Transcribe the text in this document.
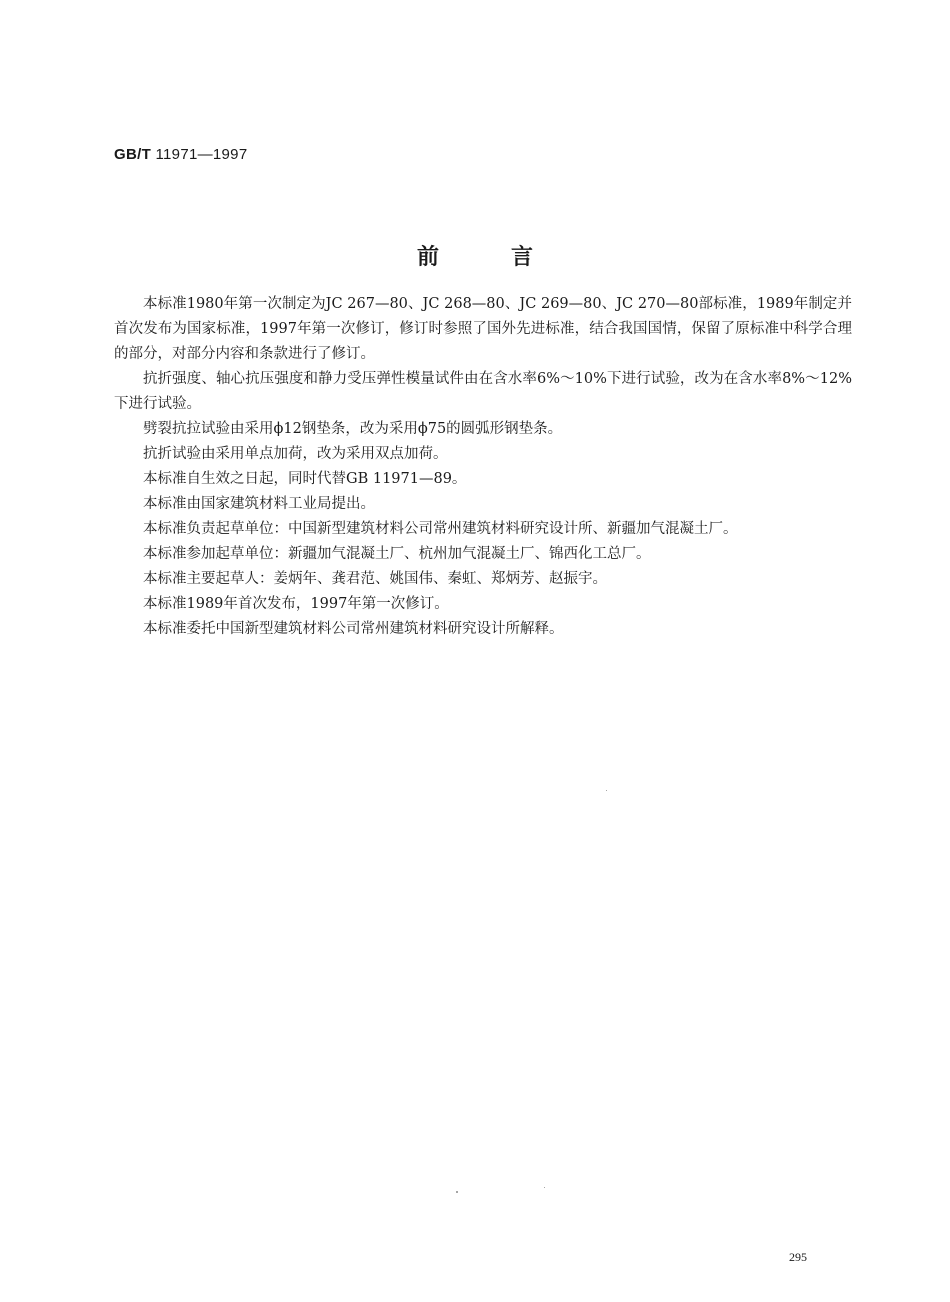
GB/T 11971—1997
前言

本标准1980年第一次制定为JC 267—80、JC 268—80、JC 269—80、JC 270—80部标准，1989年制定并首次发布为国家标准，1997年第一次修订，修订时参照了国外先进标准，结合我国国情，保留了原标准中科学合理的部分，对部分内容和条款进行了修订。

抗折强度、轴心抗压强度和静力受压弹性模量试件由在含水率6%～10%下进行试验，改为在含水率8%～12%下进行试验。

劈裂抗拉试验由采用ϕ12钢垫条，改为采用ϕ75的圆弧形钢垫条。

抗折试验由采用单点加荷，改为采用双点加荷。

本标准自生效之日起，同时代替GB 11971—89。

本标准由国家建筑材料工业局提出。

本标准负责起草单位：中国新型建筑材料公司常州建筑材料研究设计所、新疆加气混凝土厂。

本标准参加起草单位：新疆加气混凝土厂、杭州加气混凝土厂、锦西化工总厂。

本标准主要起草人：姜炳年、龚君范、姚国伟、秦虹、郑炳芳、赵振宇。

本标准1989年首次发布，1997年第一次修订。

本标准委托中国新型建筑材料公司常州建筑材料研究设计所解释。

295
